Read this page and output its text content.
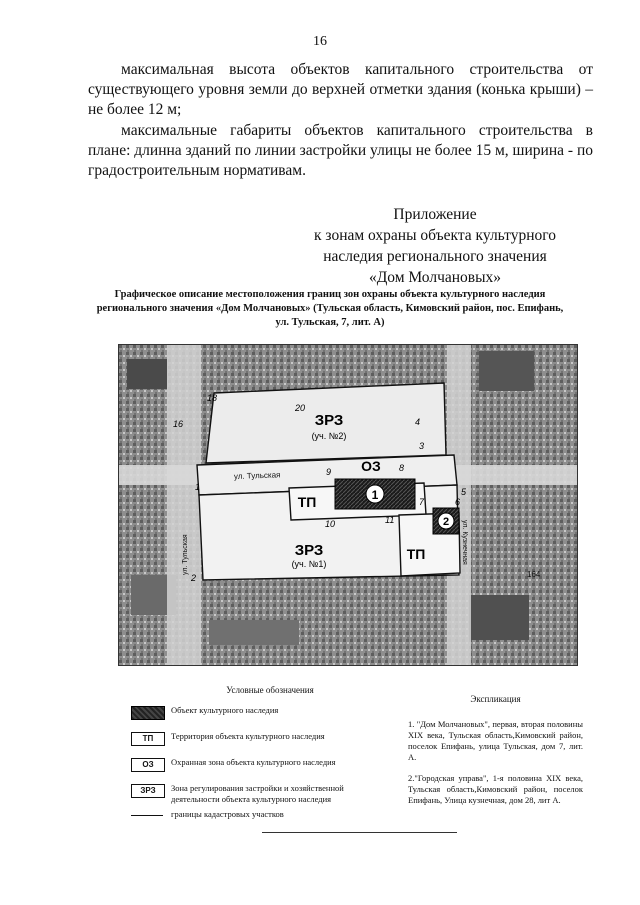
16

максимальная высота объектов капитального строительства от существующего уровня земли до верхней отметки здания (конька крыши) – не более 12 м;

максимальные габариты объектов капитального строительства в плане: длинна зданий по линии застройки улицы не более 15 м, ширина - по градостроительным нормативам.

Приложение
к зонам охраны объекта культурного
наследия регионального значения
«Дом Молчановых»
Графическое описание местоположения границ зон охраны объекта культурного наследия регионального значения «Дом Молчановых» (Тульская область, Кимовский район, пос. Епифань, ул. Тульская, 7, лит. А)
1
2
ЗРЗ
(уч. №2)
ОЗ
ТП
ТП
ЗРЗ
(уч. №1)
ул. Тульская
ул. Тульская	ул. Кузнечная
164
1
2
3
4
5
6
7
8
9
10	11
16
18
20
Условные обозначения
Объект культурного наследия
ТП	Территория объекта культурного наследия
ОЗ	Охранная зона объекта культурного наследия
ЗРЗ	Зона регулирования застройки и хозяйственной деятельности объекта культурного наследия
границы кадастровых участков
Экспликация
1. "Дом Молчановых", первая, вторая половины XIX века, Тульская область,Кимовский район, поселок Епифань, улица Тульская, дом 7, лит. А.
2."Городская управа", 1-я половина XIX века, Тульская область,Кимовский район, поселок Епифань, Улица кузнечная, дом 28, лит А.
